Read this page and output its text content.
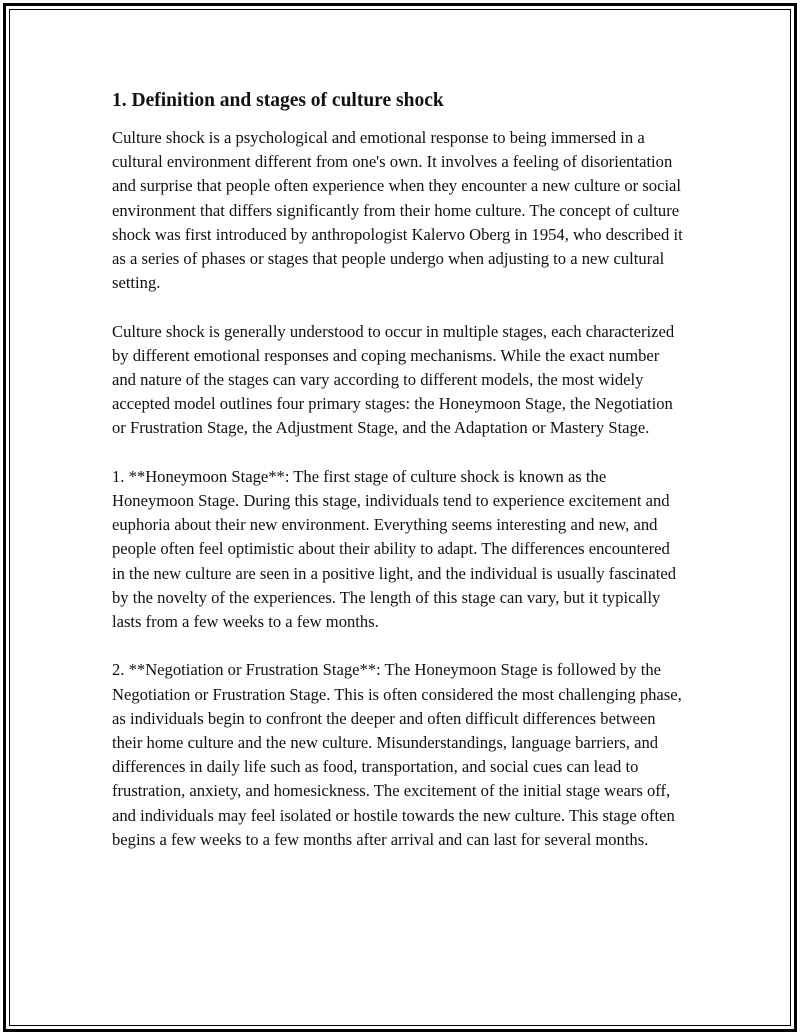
1. Definition and stages of culture shock

Culture shock is a psychological and emotional response to being immersed in a cultural environment different from one's own. It involves a feeling of disorientation and surprise that people often experience when they encounter a new culture or social environment that differs significantly from their home culture. The concept of culture shock was first introduced by anthropologist Kalervo Oberg in 1954, who described it as a series of phases or stages that people undergo when adjusting to a new cultural setting.

Culture shock is generally understood to occur in multiple stages, each characterized by different emotional responses and coping mechanisms. While the exact number and nature of the stages can vary according to different models, the most widely accepted model outlines four primary stages: the Honeymoon Stage, the Negotiation or Frustration Stage, the Adjustment Stage, and the Adaptation or Mastery Stage.

1. **Honeymoon Stage**: The first stage of culture shock is known as the Honeymoon Stage. During this stage, individuals tend to experience excitement and euphoria about their new environment. Everything seems interesting and new, and people often feel optimistic about their ability to adapt. The differences encountered in the new culture are seen in a positive light, and the individual is usually fascinated by the novelty of the experiences. The length of this stage can vary, but it typically lasts from a few weeks to a few months.

2. **Negotiation or Frustration Stage**: The Honeymoon Stage is followed by the Negotiation or Frustration Stage. This is often considered the most challenging phase, as individuals begin to confront the deeper and often difficult differences between their home culture and the new culture. Misunderstandings, language barriers, and differences in daily life such as food, transportation, and social cues can lead to frustration, anxiety, and homesickness. The excitement of the initial stage wears off, and individuals may feel isolated or hostile towards the new culture. This stage often begins a few weeks to a few months after arrival and can last for several months.
